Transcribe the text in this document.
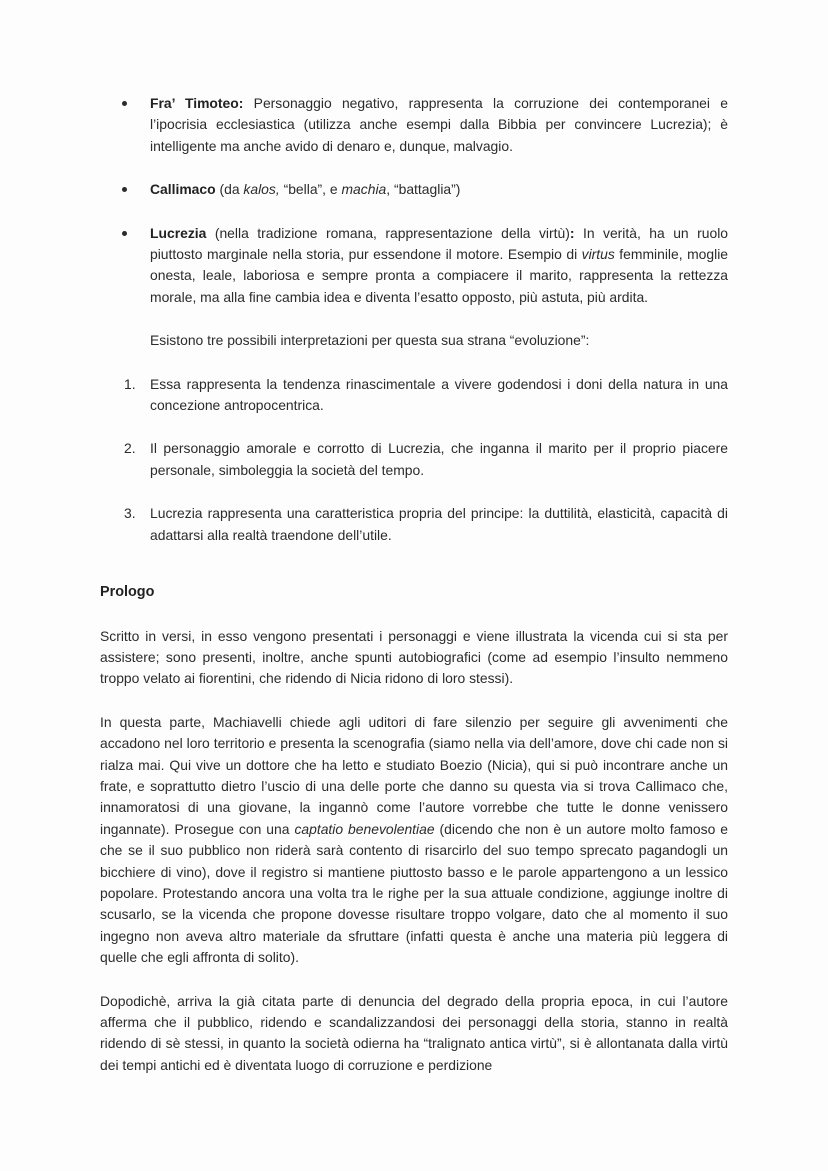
Fra’ Timoteo: Personaggio negativo, rappresenta la corruzione dei contemporanei e l’ipocrisia ecclesiastica (utilizza anche esempi dalla Bibbia per convincere Lucrezia); è intelligente ma anche avido di denaro e, dunque, malvagio.

Callimaco (da kalos, “bella”, e machia, “battaglia”)

Lucrezia (nella tradizione romana, rappresentazione della virtù): In verità, ha un ruolo piuttosto marginale nella storia, pur essendone il motore. Esempio di virtus femminile, moglie onesta, leale, laboriosa e sempre pronta a compiacere il marito, rappresenta la rettezza morale, ma alla fine cambia idea e diventa l’esatto opposto, più astuta, più ardita.

Esistono tre possibili interpretazioni per questa sua strana “evoluzione”:

1. Essa rappresenta la tendenza rinascimentale a vivere godendosi i doni della natura in una concezione antropocentrica.

2. Il personaggio amorale e corrotto di Lucrezia, che inganna il marito per il proprio piacere personale, simboleggia la società del tempo.

3. Lucrezia rappresenta una caratteristica propria del principe: la duttilità, elasticità, capacità di adattarsi alla realtà traendone dell’utile.

Prologo

Scritto in versi, in esso vengono presentati i personaggi e viene illustrata la vicenda cui si sta per assistere; sono presenti, inoltre, anche spunti autobiografici (come ad esempio l’insulto nemmeno troppo velato ai fiorentini, che ridendo di Nicia ridono di loro stessi).

In questa parte, Machiavelli chiede agli uditori di fare silenzio per seguire gli avvenimenti che accadono nel loro territorio e presenta la scenografia (siamo nella via dell’amore, dove chi cade non si rialza mai. Qui vive un dottore che ha letto e studiato Boezio (Nicia), qui si può incontrare anche un frate, e soprattutto dietro l’uscio di una delle porte che danno su questa via si trova Callimaco che, innamoratosi di una giovane, la ingannò come l’autore vorrebbe che tutte le donne venissero ingannate). Prosegue con una captatio benevolentiae (dicendo che non è un autore molto famoso e che se il suo pubblico non riderà sarà contento di risarcirlo del suo tempo sprecato pagandogli un bicchiere di vino), dove il registro si mantiene piuttosto basso e le parole appartengono a un lessico popolare. Protestando ancora una volta tra le righe per la sua attuale condizione, aggiunge inoltre di scusarlo, se la vicenda che propone dovesse risultare troppo volgare, dato che al momento il suo ingegno non aveva altro materiale da sfruttare (infatti questa è anche una materia più leggera di quelle che egli affronta di solito).

Dopodichè, arriva la già citata parte di denuncia del degrado della propria epoca, in cui l’autore afferma che il pubblico, ridendo e scandalizzandosi dei personaggi della storia, stanno in realtà ridendo di sè stessi, in quanto la società odierna ha “tralignato antica virtù”, si è allontanata dalla virtù dei tempi antichi ed è diventata luogo di corruzione e perdizione
